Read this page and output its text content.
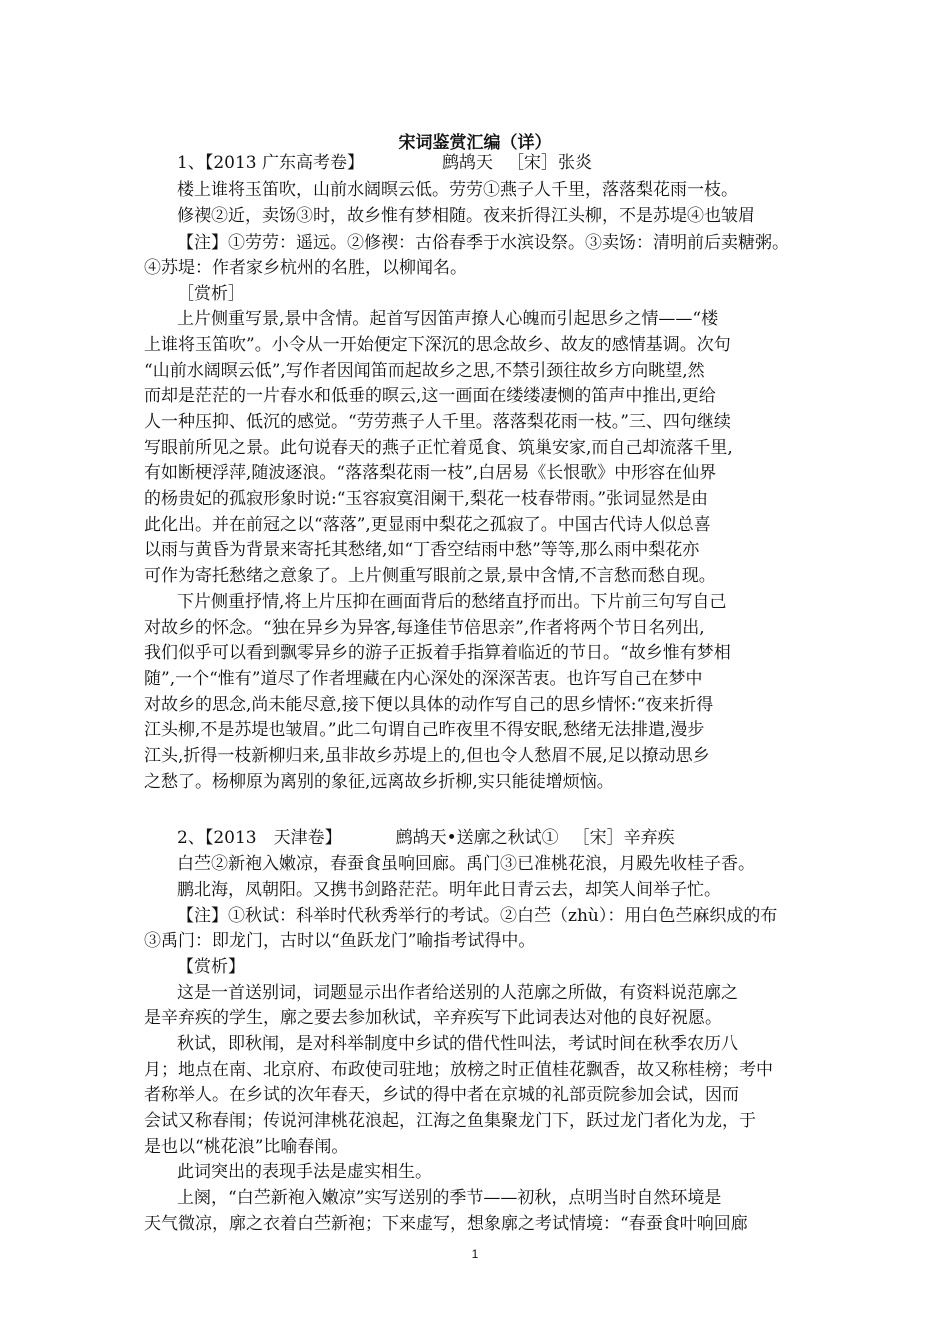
宋词鉴赏汇编（详）
1、【2013 广东高考卷】	鹧鸪天 ［宋］张炎
楼上谁将玉笛吹，山前水阔暝云低。劳劳①燕子人千里，落落梨花雨一枝。
修禊②近，卖饧③时，故乡惟有梦相随。夜来折得江头柳，不是苏堤④也皱眉
【注】①劳劳：遥远。②修禊：古俗春季于水滨设祭。③卖饧：清明前后卖糖粥。
④苏堤：作者家乡杭州的名胜，以柳闻名。
［赏析］
上片侧重写景,景中含情。起首写因笛声撩人心魄而引起思乡之情——“楼
上谁将玉笛吹”。小令从一开始便定下深沉的思念故乡、故友的感情基调。次句
“山前水阔暝云低”,写作者因闻笛而起故乡之思,不禁引颈往故乡方向眺望,然
而却是茫茫的一片春水和低垂的暝云,这一画面在缕缕凄恻的笛声中推出,更给
人一种压抑、低沉的感觉。“劳劳燕子人千里。落落梨花雨一枝。”三、四句继续
写眼前所见之景。此句说春天的燕子正忙着觅食、筑巢安家,而自己却流落千里,
有如断梗浮萍,随波逐浪。“落落梨花雨一枝”,白居易《长恨歌》中形容在仙界
的杨贵妃的孤寂形象时说:“玉容寂寞泪阑干,梨花一枝春带雨。”张词显然是由
此化出。并在前冠之以“落落”,更显雨中梨花之孤寂了。中国古代诗人似总喜
以雨与黄昏为背景来寄托其愁绪,如“丁香空结雨中愁”等等,那么雨中梨花亦
可作为寄托愁绪之意象了。上片侧重写眼前之景,景中含情,不言愁而愁自现。
下片侧重抒情,将上片压抑在画面背后的愁绪直抒而出。下片前三句写自己
对故乡的怀念。“独在异乡为异客,每逢佳节倍思亲”,作者将两个节日名列出,
我们似乎可以看到飘零异乡的游子正扳着手指算着临近的节日。“故乡惟有梦相
随”,一个“惟有”道尽了作者埋藏在内心深处的深深苦衷。也许写自己在梦中
对故乡的思念,尚未能尽意,接下便以具体的动作写自己的思乡情怀:“夜来折得
江头柳,不是苏堤也皱眉。”此二句谓自己昨夜里不得安眠,愁绪无法排遣,漫步
江头,折得一枝新柳归来,虽非故乡苏堤上的,但也令人愁眉不展,足以撩动思乡
之愁了。杨柳原为离别的象征,远离故乡折柳,实只能徒增烦恼。
2、【2013　天津卷】	鹧鸪天•送廓之秋试① ［宋］辛弃疾
白苎②新袍入嫩凉，春蚕食虽响回廊。禹门③已准桃花浪，月殿先收桂子香。
鹏北海，凤朝阳。又携书剑路茫茫。明年此日青云去，却笑人间举子忙。
【注】①秋试：科举时代秋秀举行的考试。②白苎（zhù）：用白色苎麻织成的布
③禹门：即龙门，古时以“鱼跃龙门”喻指考试得中。
【赏析】
这是一首送别词，词题显示出作者给送别的人范廓之所做，有资料说范廓之
是辛弃疾的学生，廓之要去参加秋试，辛弃疾写下此词表达对他的良好祝愿。
秋试，即秋闱，是对科举制度中乡试的借代性叫法，考试时间在秋季农历八
月；地点在南、北京府、布政使司驻地；放榜之时正值桂花飘香，故又称桂榜；考中
者称举人。在乡试的次年春天，乡试的得中者在京城的礼部贡院参加会试，因而
会试又称春闱；传说河津桃花浪起，江海之鱼集聚龙门下，跃过龙门者化为龙，于
是也以“桃花浪”比喻春闱。
此词突出的表现手法是虚实相生。
上阕，“白苎新袍入嫩凉”实写送别的季节——初秋，点明当时自然环境是
天气微凉，廓之衣着白苎新袍；下来虚写，想象廓之考试情境：“春蚕食叶响回廊
1
